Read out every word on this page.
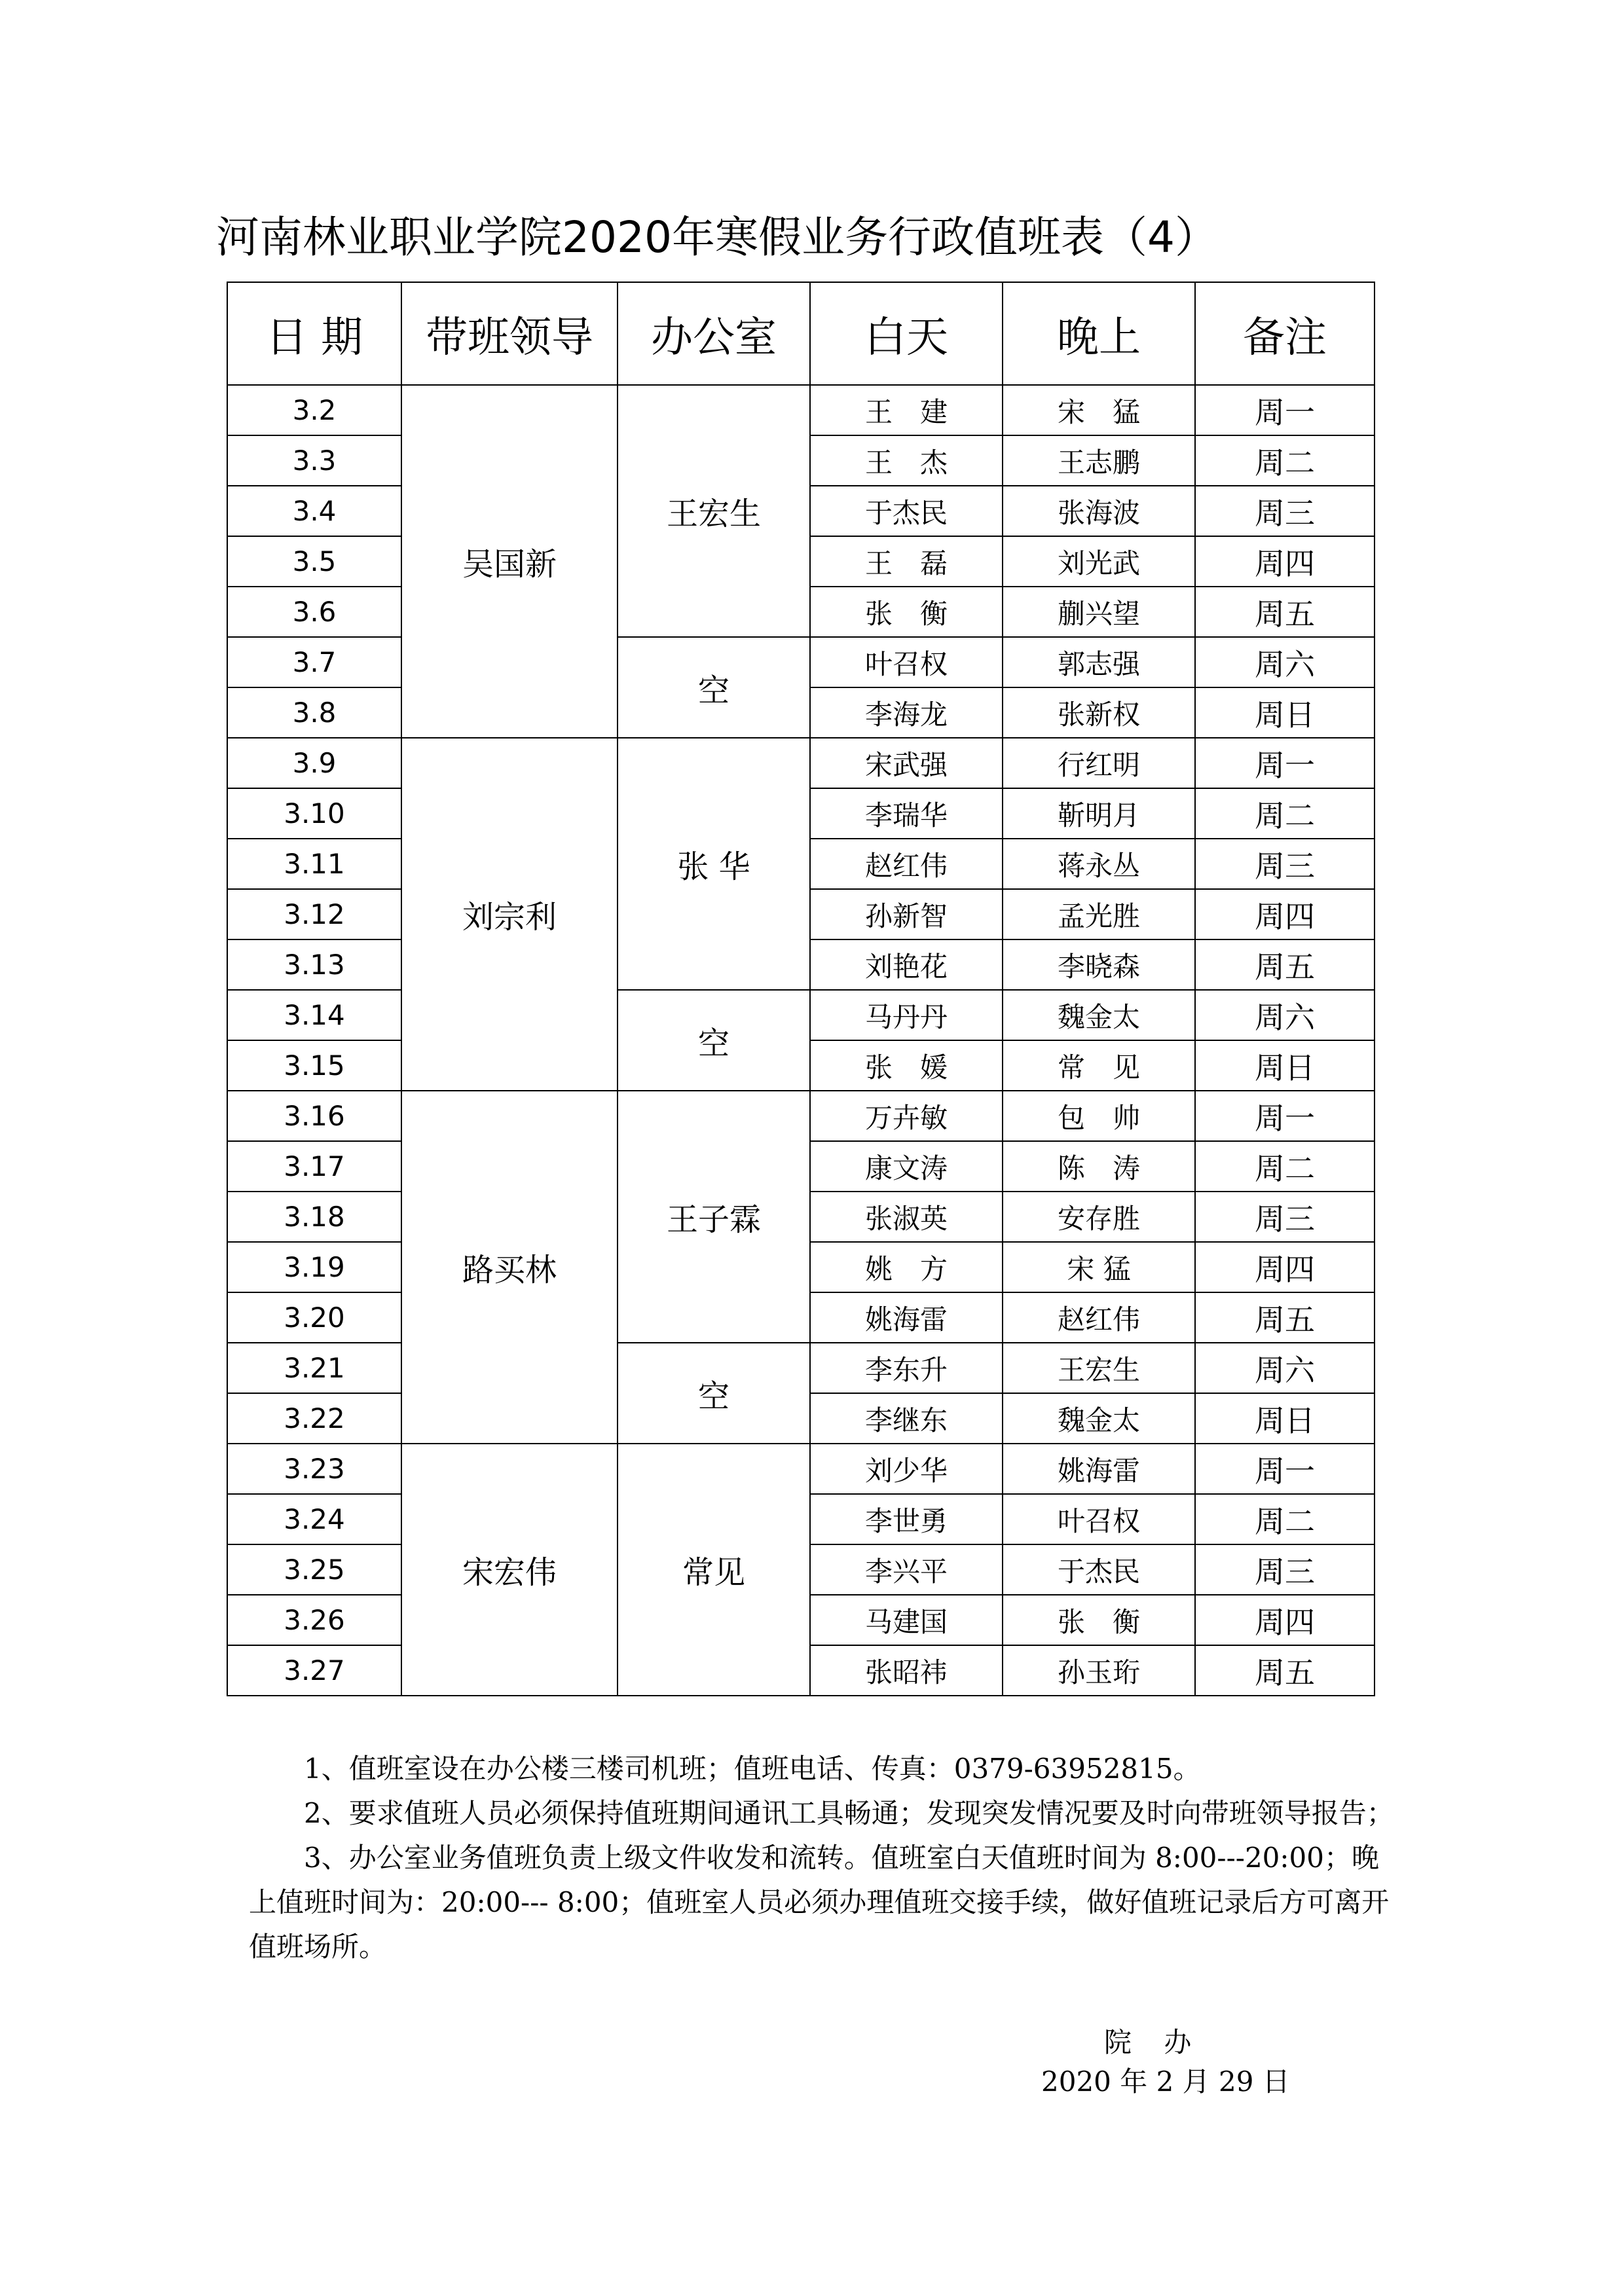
河南林业职业学院2020年寒假业务行政值班表（4）
日 期	带班领导	办公室	白天	晚上	备注
3.2	吴国新	王宏生	王　建	宋　猛	周一
3.3			王　杰	王志鹏	周二
3.4			于杰民	张海波	周三
3.5			王　磊	刘光武	周四
3.6			张　衡	蒯兴望	周五
3.7		空	叶召权	郭志强	周六
3.8			李海龙	张新权	周日
3.9	刘宗利	张 华	宋武强	行红明	周一
3.10			李瑞华	靳明月	周二
3.11			赵红伟	蒋永丛	周三
3.12			孙新智	孟光胜	周四
3.13			刘艳花	李晓森	周五
3.14		空	马丹丹	魏金太	周六
3.15			张　媛	常　见	周日
3.16	路买林	王子霖	万卉敏	包　帅	周一
3.17			康文涛	陈　涛	周二
3.18			张淑英	安存胜	周三
3.19			姚　方	宋 猛	周四
3.20			姚海雷	赵红伟	周五
3.21		空	李东升	王宏生	周六
3.22			李继东	魏金太	周日
3.23	宋宏伟	常见	刘少华	姚海雷	周一
3.24			李世勇	叶召权	周二
3.25			李兴平	于杰民	周三
3.26			马建国	张　衡	周四
3.27			张昭祎	孙玉珩	周五

1、值班室设在办公楼三楼司机班；值班电话、传真：0379-63952815。

2、要求值班人员必须保持值班期间通讯工具畅通；发现突发情况要及时向带班领导报告；

3、办公室业务值班负责上级文件收发和流转。值班室白天值班时间为 8:00---20:00；晚上值班时间为：20:00--- 8:00；值班室人员必须办理值班交接手续，做好值班记录后方可离开值班场所。

院 办
2020 年 2 月 29 日
